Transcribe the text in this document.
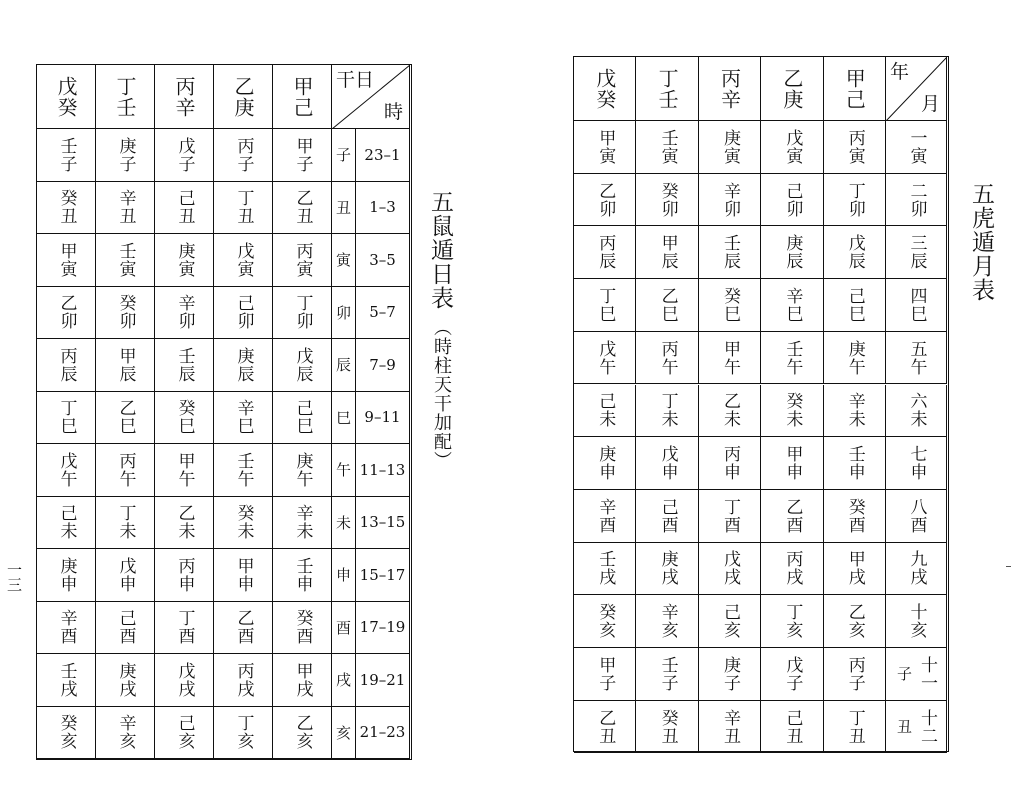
戊癸 丁壬 丙辛 乙庚 甲己 干日
時
壬子 庚子 戊子 丙子 甲子 子 23–1
癸丑 辛丑 己丑 丁丑 乙丑 丑 1–3
甲寅 壬寅 庚寅 戊寅 丙寅 寅 3–5
乙卯 癸卯 辛卯 己卯 丁卯 卯 5–7
丙辰 甲辰 壬辰 庚辰 戊辰 辰 7–9
丁巳 乙巳 癸巳 辛巳 己巳 巳 9–11
戊午 丙午 甲午 壬午 庚午 午 11–13
己未 丁未 乙未 癸未 辛未 未 13–15
庚申 戊申 丙申 甲申 壬申 申 15–17
辛酉 己酉 丁酉 乙酉 癸酉 酉 17–19
壬戌 庚戌 戊戌 丙戌 甲戌 戌 19–21
癸亥 辛亥 己亥 丁亥 乙亥 亥 21–23
五鼠遁日表
（時柱天干加配）
一三
戊癸 丁壬 丙辛 乙庚 甲己 年
月
甲寅 壬寅 庚寅 戊寅 丙寅 一寅
乙卯 癸卯 辛卯 己卯 丁卯 二卯
丙辰 甲辰 壬辰 庚辰 戊辰 三辰
丁巳 乙巳 癸巳 辛巳 己巳 四巳
戊午 丙午 甲午 壬午 庚午 五午
己未 丁未 乙未 癸未 辛未 六未
庚申 戊申 丙申 甲申 壬申 七申
辛酉 己酉 丁酉 乙酉 癸酉 八酉
壬戌 庚戌 戊戌 丙戌 甲戌 九戌
癸亥 辛亥 己亥 丁亥 乙亥 十亥
甲子 壬子 庚子 戊子 丙子 子 十一
乙丑 癸丑 辛丑 己丑 丁丑 丑 十二
五虎遁月表
